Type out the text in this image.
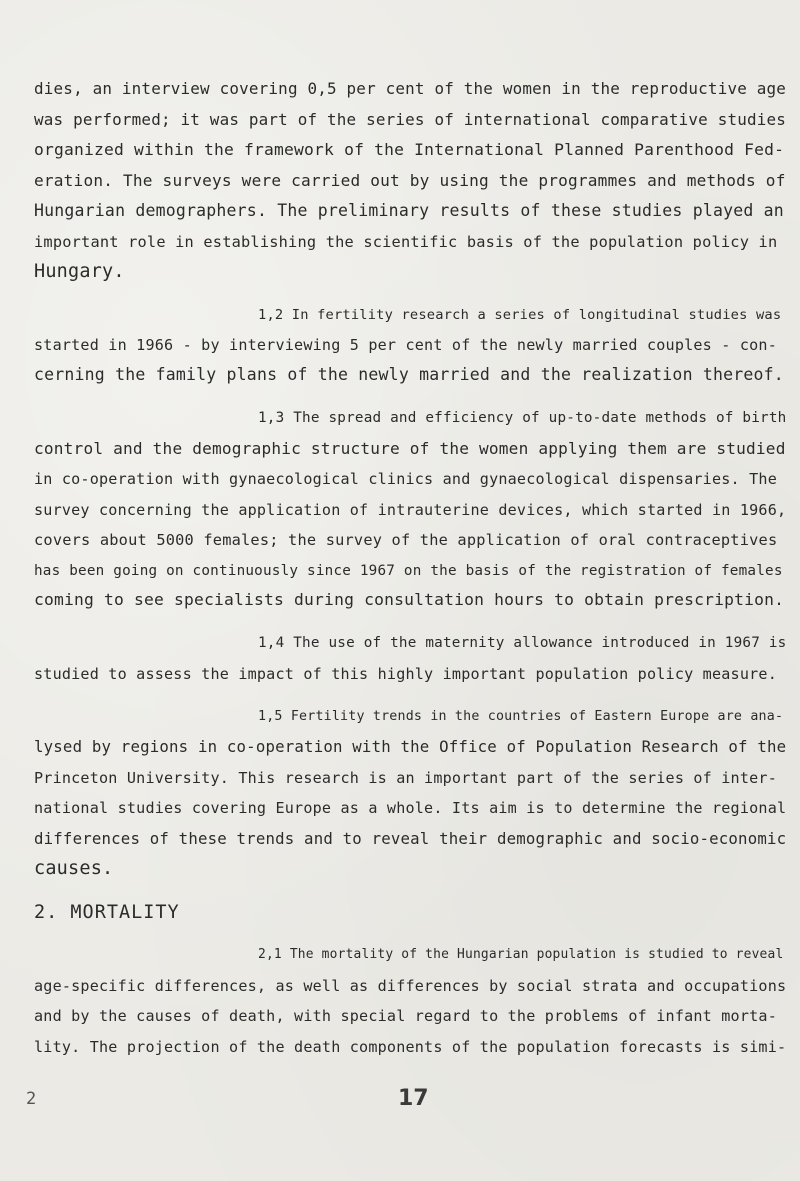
dies, an interview covering 0,5 per cent of the women in the reproductive age
was performed; it was part of the series of international comparative studies
organized within the framework of the International Planned Parenthood Fed-
eration. The surveys were carried out by using the programmes and methods of
Hungarian demographers. The preliminary results of these studies played an
important role in establishing the scientific basis of the population policy in
Hungary.
1,2 In fertility research a series of longitudinal studies was
started in 1966 - by interviewing 5 per cent of the newly married couples - con-
cerning the family plans of the newly married and the realization thereof.
1,3 The spread and efficiency of up-to-date methods of birth
control and the demographic structure of the women applying them are studied
in co-operation with gynaecological clinics and gynaecological dispensaries. The
survey concerning the application of intrauterine devices, which started in 1966,
covers about 5000 females; the survey of the application of oral contraceptives
has been going on continuously since 1967 on the basis of the registration of females
coming to see specialists during consultation hours to obtain prescription.
1,4 The use of the maternity allowance introduced in 1967 is
studied to assess the impact of this highly important population policy measure.
1,5 Fertility trends in the countries of Eastern Europe are ana-
lysed by regions in co-operation with the Office of Population Research of the
Princeton University. This research is an important part of the series of inter-
national studies covering Europe as a whole. Its aim is to determine the regional
differences of these trends and to reveal their demographic and socio-economic
causes.
2. MORTALITY
2,1 The mortality of the Hungarian population is studied to reveal
age-specific differences, as well as differences by social strata and occupations
and by the causes of death, with special regard to the problems of infant morta-
lity. The projection of the death components of the population forecasts is simi-
2	17
